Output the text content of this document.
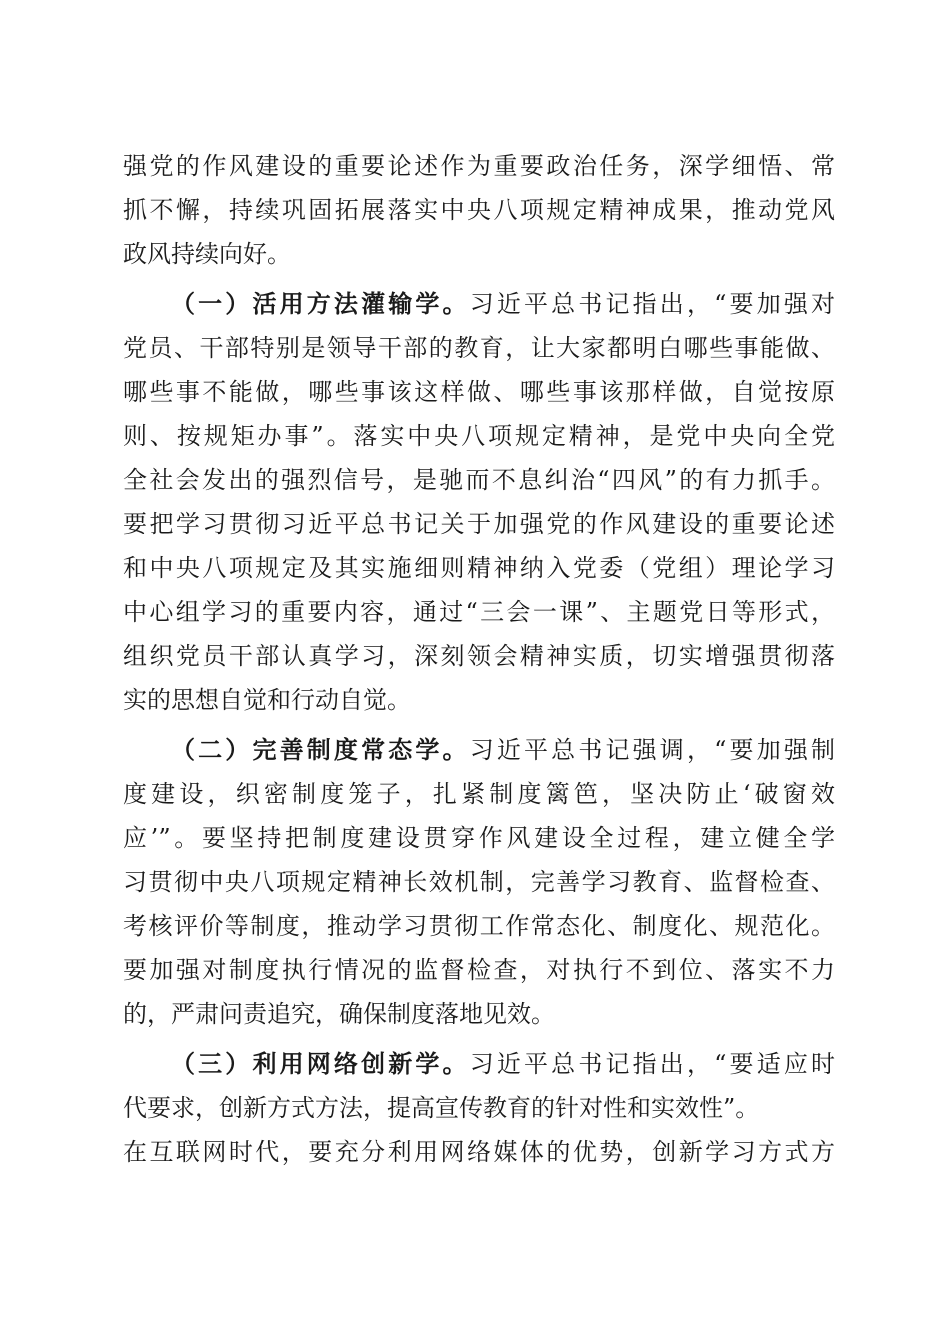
强党的作风建设的重要论述作为重要政治任务，深学细悟、常
抓不懈，持续巩固拓展落实中央八项规定精神成果，推动党风
政风持续向好。
（一）活用方法灌输学。习近平总书记指出，“要加强对
党员、干部特别是领导干部的教育，让大家都明白哪些事能做、
哪些事不能做，哪些事该这样做、哪些事该那样做，自觉按原
则、按规矩办事”。落实中央八项规定精神，是党中央向全党
全社会发出的强烈信号，是驰而不息纠治“四风”的有力抓手。
要把学习贯彻习近平总书记关于加强党的作风建设的重要论述
和中央八项规定及其实施细则精神纳入党委（党组）理论学习
中心组学习的重要内容，通过“三会一课”、主题党日等形式，
组织党员干部认真学习，深刻领会精神实质，切实增强贯彻落
实的思想自觉和行动自觉。
（二）完善制度常态学。习近平总书记强调，“要加强制
度建设，织密制度笼子，扎紧制度篱笆，坚决防止‘破窗效
应’”。要坚持把制度建设贯穿作风建设全过程，建立健全学
习贯彻中央八项规定精神长效机制，完善学习教育、监督检查、
考核评价等制度，推动学习贯彻工作常态化、制度化、规范化。
要加强对制度执行情况的监督检查，对执行不到位、落实不力
的，严肃问责追究，确保制度落地见效。
（三）利用网络创新学。习近平总书记指出，“要适应时
代要求，创新方式方法，提高宣传教育的针对性和实效性”。
在互联网时代，要充分利用网络媒体的优势，创新学习方式方
